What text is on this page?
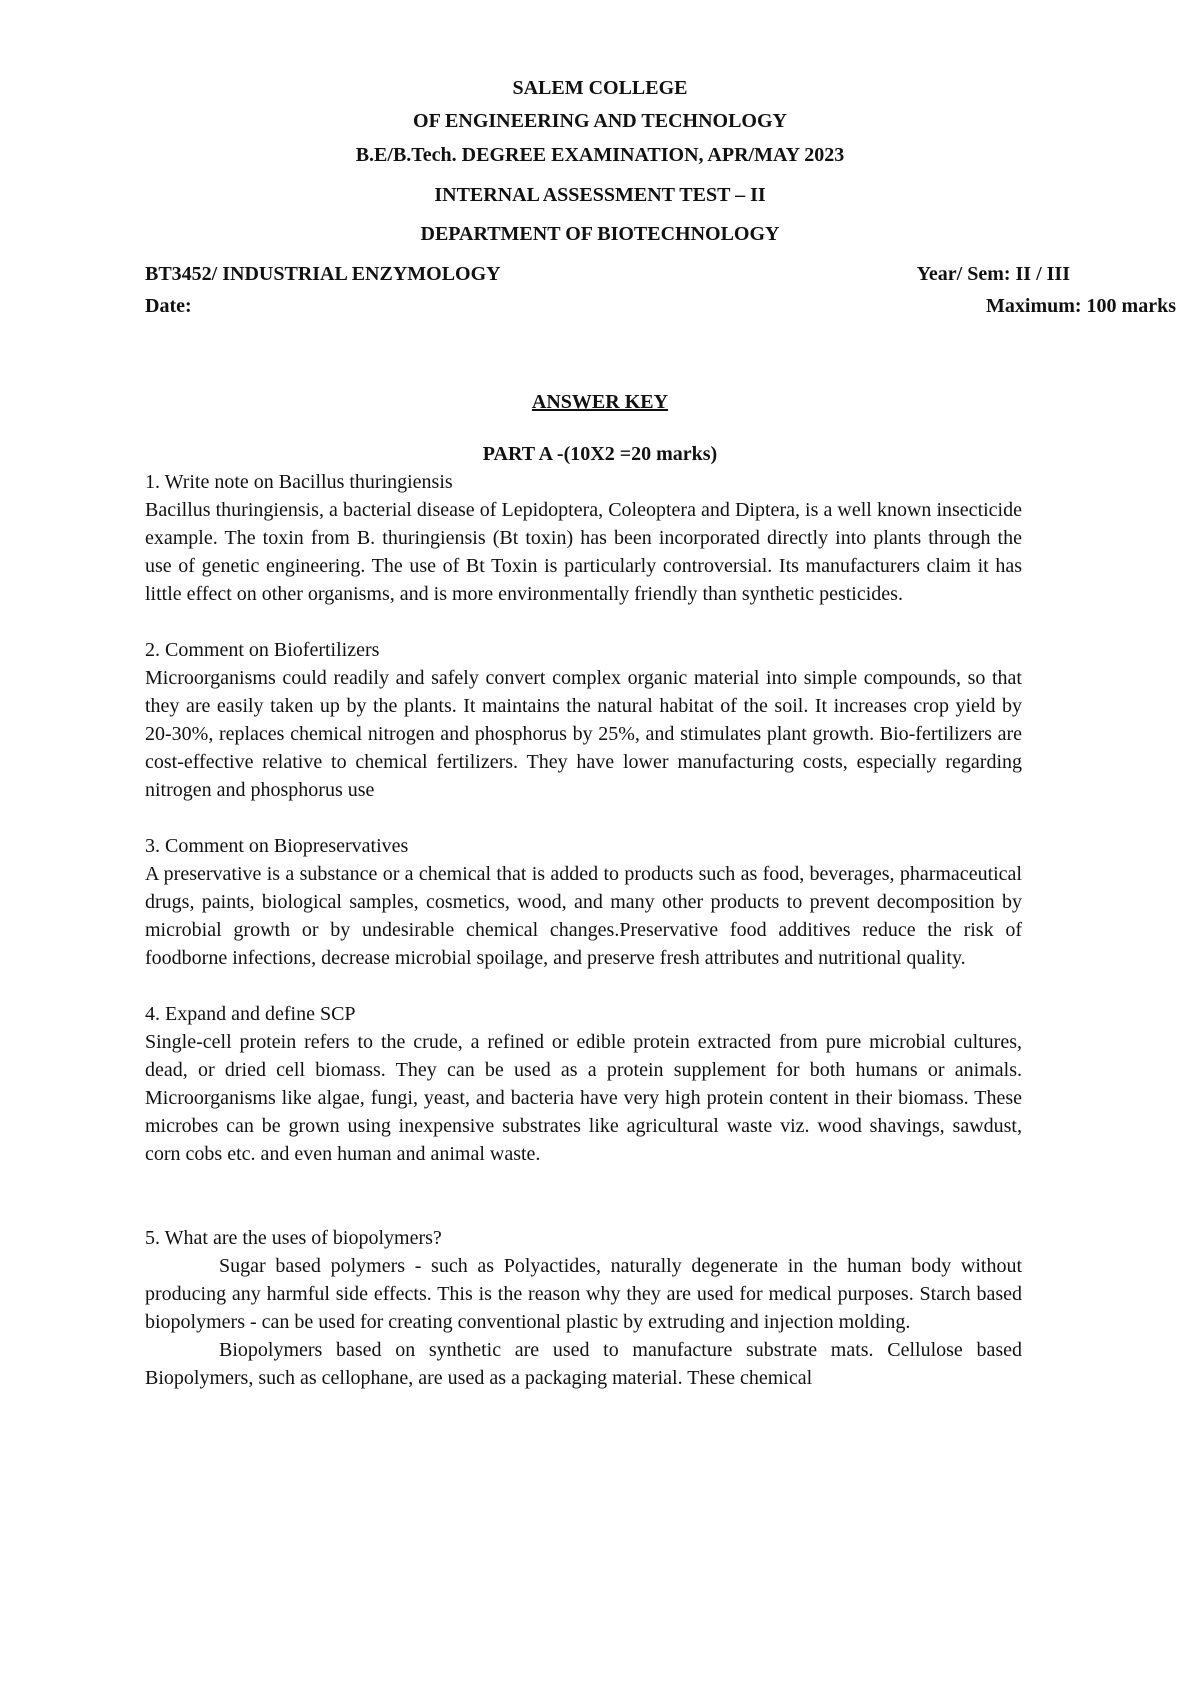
SALEM COLLEGE
OF ENGINEERING AND TECHNOLOGY
B.E/B.Tech. DEGREE EXAMINATION, APR/MAY 2023
INTERNAL ASSESSMENT TEST – II
DEPARTMENT OF BIOTECHNOLOGY
BT3452/ INDUSTRIAL ENZYMOLOGY	Year/ Sem: II / III
Date:	Maximum: 100 marks
ANSWER KEY
PART A -(10X2 =20 marks)

1. Write note on Bacillus thuringiensis

Bacillus thuringiensis, a bacterial disease of Lepidoptera, Coleoptera and Diptera, is a well known insecticide example. The toxin from B. thuringiensis (Bt toxin) has been incorporated directly into plants through the use of genetic engineering. The use of Bt Toxin is particularly controversial. Its manufacturers claim it has little effect on other organisms, and is more environmentally friendly than synthetic pesticides.

2. Comment on Biofertilizers

Microorganisms could readily and safely convert complex organic material into simple compounds, so that they are easily taken up by the plants. It maintains the natural habitat of the soil. It increases crop yield by 20-30%, replaces chemical nitrogen and phosphorus by 25%, and stimulates plant growth. Bio-fertilizers are cost-effective relative to chemical fertilizers. They have lower manufacturing costs, especially regarding nitrogen and phosphorus use

3. Comment on Biopreservatives

A preservative is a substance or a chemical that is added to products such as food, beverages, pharmaceutical drugs, paints, biological samples, cosmetics, wood, and many other products to prevent decomposition by microbial growth or by undesirable chemical changes.Preservative food additives reduce the risk of foodborne infections, decrease microbial spoilage, and preserve fresh attributes and nutritional quality.

4. Expand and define SCP

Single-cell protein refers to the crude, a refined or edible protein extracted from pure microbial cultures, dead, or dried cell biomass. They can be used as a protein supplement for both humans or animals. Microorganisms like algae, fungi, yeast, and bacteria have very high protein content in their biomass. These microbes can be grown using inexpensive substrates like agricultural waste viz. wood shavings, sawdust, corn cobs etc. and even human and animal waste.

5. What are the uses of biopolymers?

Sugar based polymers - such as Polyactides, naturally degenerate in the human body without producing any harmful side effects. This is the reason why they are used for medical purposes. Starch based biopolymers - can be used for creating conventional plastic by extruding and injection molding.

Biopolymers based on synthetic are used to manufacture substrate mats. Cellulose based Biopolymers, such as cellophane, are used as a packaging material. These chemical
